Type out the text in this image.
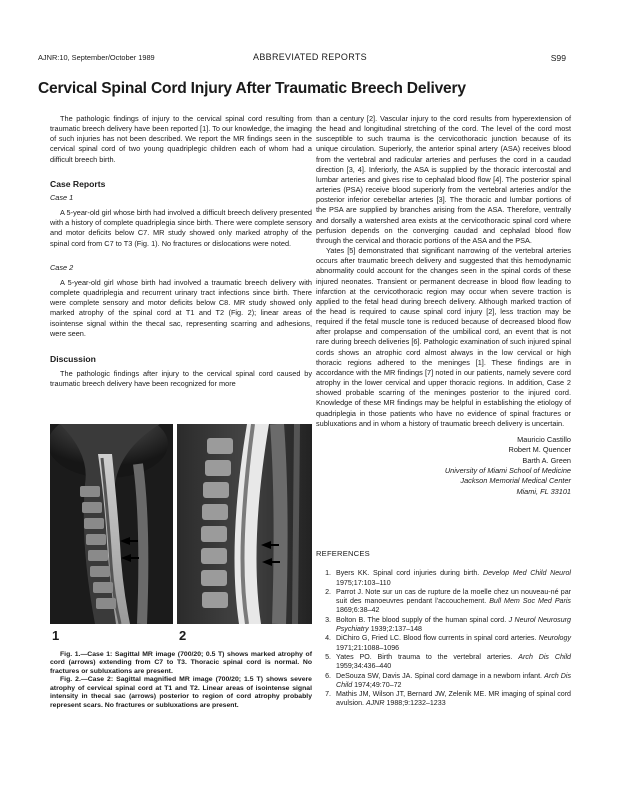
AJNR:10, September/October 1989	ABBREVIATED REPORTS	S99
Cervical Spinal Cord Injury After Traumatic Breech Delivery

The pathologic findings of injury to the cervical spinal cord resulting from traumatic breech delivery have been reported [1]. To our knowledge, the imaging of such injuries has not been described. We report the MR findings seen in the cervical spinal cord of two young quadriplegic children each of whom had a difficult breech birth.

Case Reports

Case 1

A 5-year-old girl whose birth had involved a difficult breech delivery presented with a history of complete quadriplegia since birth. There were complete sensory and motor deficits below C7. MR study showed only marked atrophy of the spinal cord from C7 to T3 (Fig. 1). No fractures or dislocations were noted.

Case 2

A 5-year-old girl whose birth had involved a traumatic breech delivery with complete quadriplegia and recurrent urinary tract infections since birth. There were complete sensory and motor deficits below C8. MR study showed only marked atrophy of the spinal cord at T1 and T2 (Fig. 2); linear areas of isointense signal within the thecal sac, representing scarring and adhesions, were seen.

Discussion

The pathologic findings after injury to the cervical spinal cord caused by traumatic breech delivery have been recognized for more

than a century [2]. Vascular injury to the cord results from hyperextension of the head and longitudinal stretching of the cord. The level of the cord most susceptible to such trauma is the cervicothoracic junction because of its unique circulation. Superiorly, the anterior spinal artery (ASA) receives blood from the vertebral and radicular arteries and perfuses the cord in a caudad direction [3, 4]. Inferiorly, the ASA is supplied by the thoracic intercostal and lumbar arteries and gives rise to cephalad blood flow [4]. The posterior spinal arteries (PSA) receive blood superiorly from the vertebral arteries and/or the posterior inferior cerebellar arteries [3]. The thoracic and lumbar portions of the PSA are supplied by branches arising from the ASA. Therefore, ventrally and dorsally a watershed area exists at the cervicothoracic spinal cord where perfusion depends on the converging caudad and cephalad blood flow through the cervical and thoracic portions of the ASA and the PSA.

Yates [5] demonstrated that significant narrowing of the vertebral arteries occurs after traumatic breech delivery and suggested that this hemodynamic abnormality could account for the changes seen in the spinal cords of these injured neonates. Transient or permanent decrease in blood flow leading to infarction at the cervicothoracic region may occur when severe traction is applied to the fetal head during breech delivery. Although marked traction of the head is required to cause spinal cord injury [2], less traction may be required if the fetal muscle tone is reduced because of decreased blood flow after prolapse and compensation of the umbilical cord, an event that is not rare during breech deliveries [6]. Pathologic examination of such injured spinal cords shows an atrophic cord almost always in the low cervical or high thoracic regions adhered to the meninges [1]. These findings are in accordance with the MR findings [7] noted in our patients, namely severe cord atrophy in the lower cervical and upper thoracic regions. In addition, Case 2 showed probable scarring of the meninges posterior to the injured cord. Knowledge of these MR findings may be helpful in establishing the etiology of quadriplegia in those patients who have no evidence of spinal fractures or subluxations and in whom a history of traumatic breech delivery is uncertain.

Mauricio Castillo
Robert M. Quencer
Barth A. Green
University of Miami School of Medicine
Jackson Memorial Medical Center
Miami, FL 33101
REFERENCES
1. Byers KK. Spinal cord injuries during birth. Develop Med Child Neurol 1975;17:103–110
2. Parrot J. Note sur un cas de rupture de la moelle chez un nouveau-né par suit des manoeuvres pendant l'accouchement. Bull Mem Soc Med Paris 1869;6:38–42
3. Bolton B. The blood supply of the human spinal cord. J Neurol Neurosurg Psychiatry 1939;2:137–148
4. DiChiro G, Fried LC. Blood flow currents in spinal cord arteries. Neurology 1971;21:1088–1096
5. Yates PO. Birth trauma to the vertebral arteries. Arch Dis Child 1959;34:436–440
6. DeSouza SW, Davis JA. Spinal cord damage in a newborn infant. Arch Dis Child 1974;49:70–72
7. Mathis JM, Wilson JT, Bernard JW, Zelenik ME. MR imaging of spinal cord avulsion. AJNR 1988;9:1232–1233
1	2

Fig. 1.—Case 1: Sagittal MR image (700/20; 0.5 T) shows marked atrophy of cord (arrows) extending from C7 to T3. Thoracic spinal cord is normal. No fractures or subluxations are present.

Fig. 2.—Case 2: Sagittal magnified MR image (700/20; 1.5 T) shows severe atrophy of cervical spinal cord at T1 and T2. Linear areas of isointense signal intensity in thecal sac (arrows) posterior to region of cord atrophy probably represent scars. No fractures or subluxations are present.
